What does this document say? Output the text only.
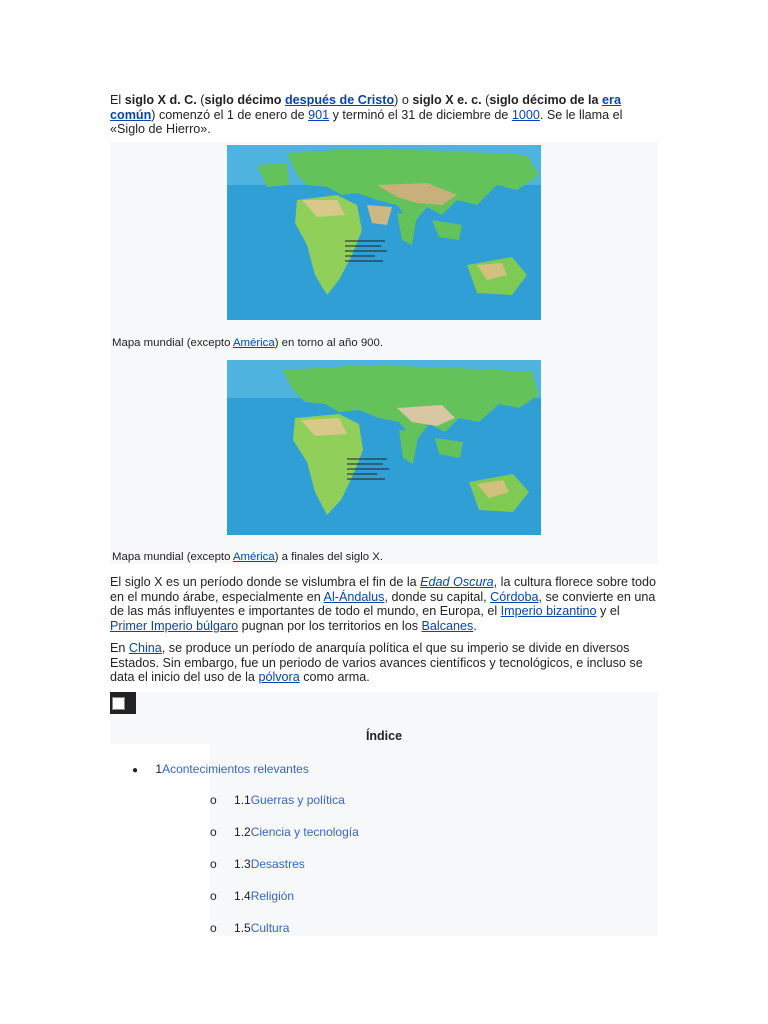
El siglo X d. C. (siglo décimo después de Cristo) o siglo X e. c. (siglo décimo de la era común) comenzó el 1 de enero de 901 y terminó el 31 de diciembre de 1000. Se le llama el «Siglo de Hierro».
Mapa mundial (excepto América) en torno al año 900.
Mapa mundial (excepto América) a finales del siglo X.
El siglo X es un período donde se vislumbra el fin de la Edad Oscura, la cultura florece sobre todo en el mundo árabe, especialmente en Al-Ándalus, donde su capital, Córdoba, se convierte en una de las más influyentes e importantes de todo el mundo, en Europa, el Imperio bizantino y el Primer Imperio búlgaro pugnan por los territorios en los Balcanes.
En China, se produce un período de anarquía política el que su imperio se divide en diversos Estados. Sin embargo, fue un periodo de varios avances científicos y tecnológicos, e incluso se data el inicio del uso de la pólvora como arma.
Índice
● 1Acontecimientos relevantes
o 1.1Guerras y política
o 1.2Ciencia y tecnología
o 1.3Desastres
o 1.4Religión
o 1.5Cultura
